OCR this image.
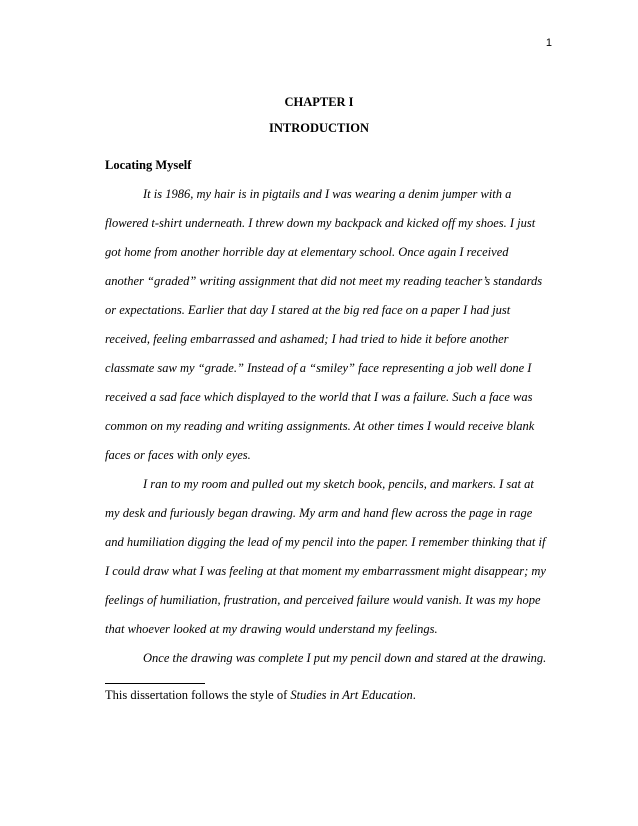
1
CHAPTER I
INTRODUCTION
Locating Myself
It is 1986, my hair is in pigtails and I was wearing a denim jumper with a
flowered t-shirt underneath. I threw down my backpack and kicked off my shoes. I just
got home from another horrible day at elementary school. Once again I received
another “graded” writing assignment that did not meet my reading teacher’s standards
or expectations. Earlier that day I stared at the big red face on a paper I had just
received, feeling embarrassed and ashamed; I had tried to hide it before another
classmate saw my “grade.” Instead of a “smiley” face representing a job well done I
received a sad face which displayed to the world that I was a failure. Such a face was
common on my reading and writing assignments. At other times I would receive blank
faces or faces with only eyes.
I ran to my room and pulled out my sketch book, pencils, and markers. I sat at
my desk and furiously began drawing. My arm and hand flew across the page in rage
and humiliation digging the lead of my pencil into the paper. I remember thinking that if
I could draw what I was feeling at that moment my embarrassment might disappear; my
feelings of humiliation, frustration, and perceived failure would vanish. It was my hope
that whoever looked at my drawing would understand my feelings.
Once the drawing was complete I put my pencil down and stared at the drawing.
This dissertation follows the style of Studies in Art Education.
